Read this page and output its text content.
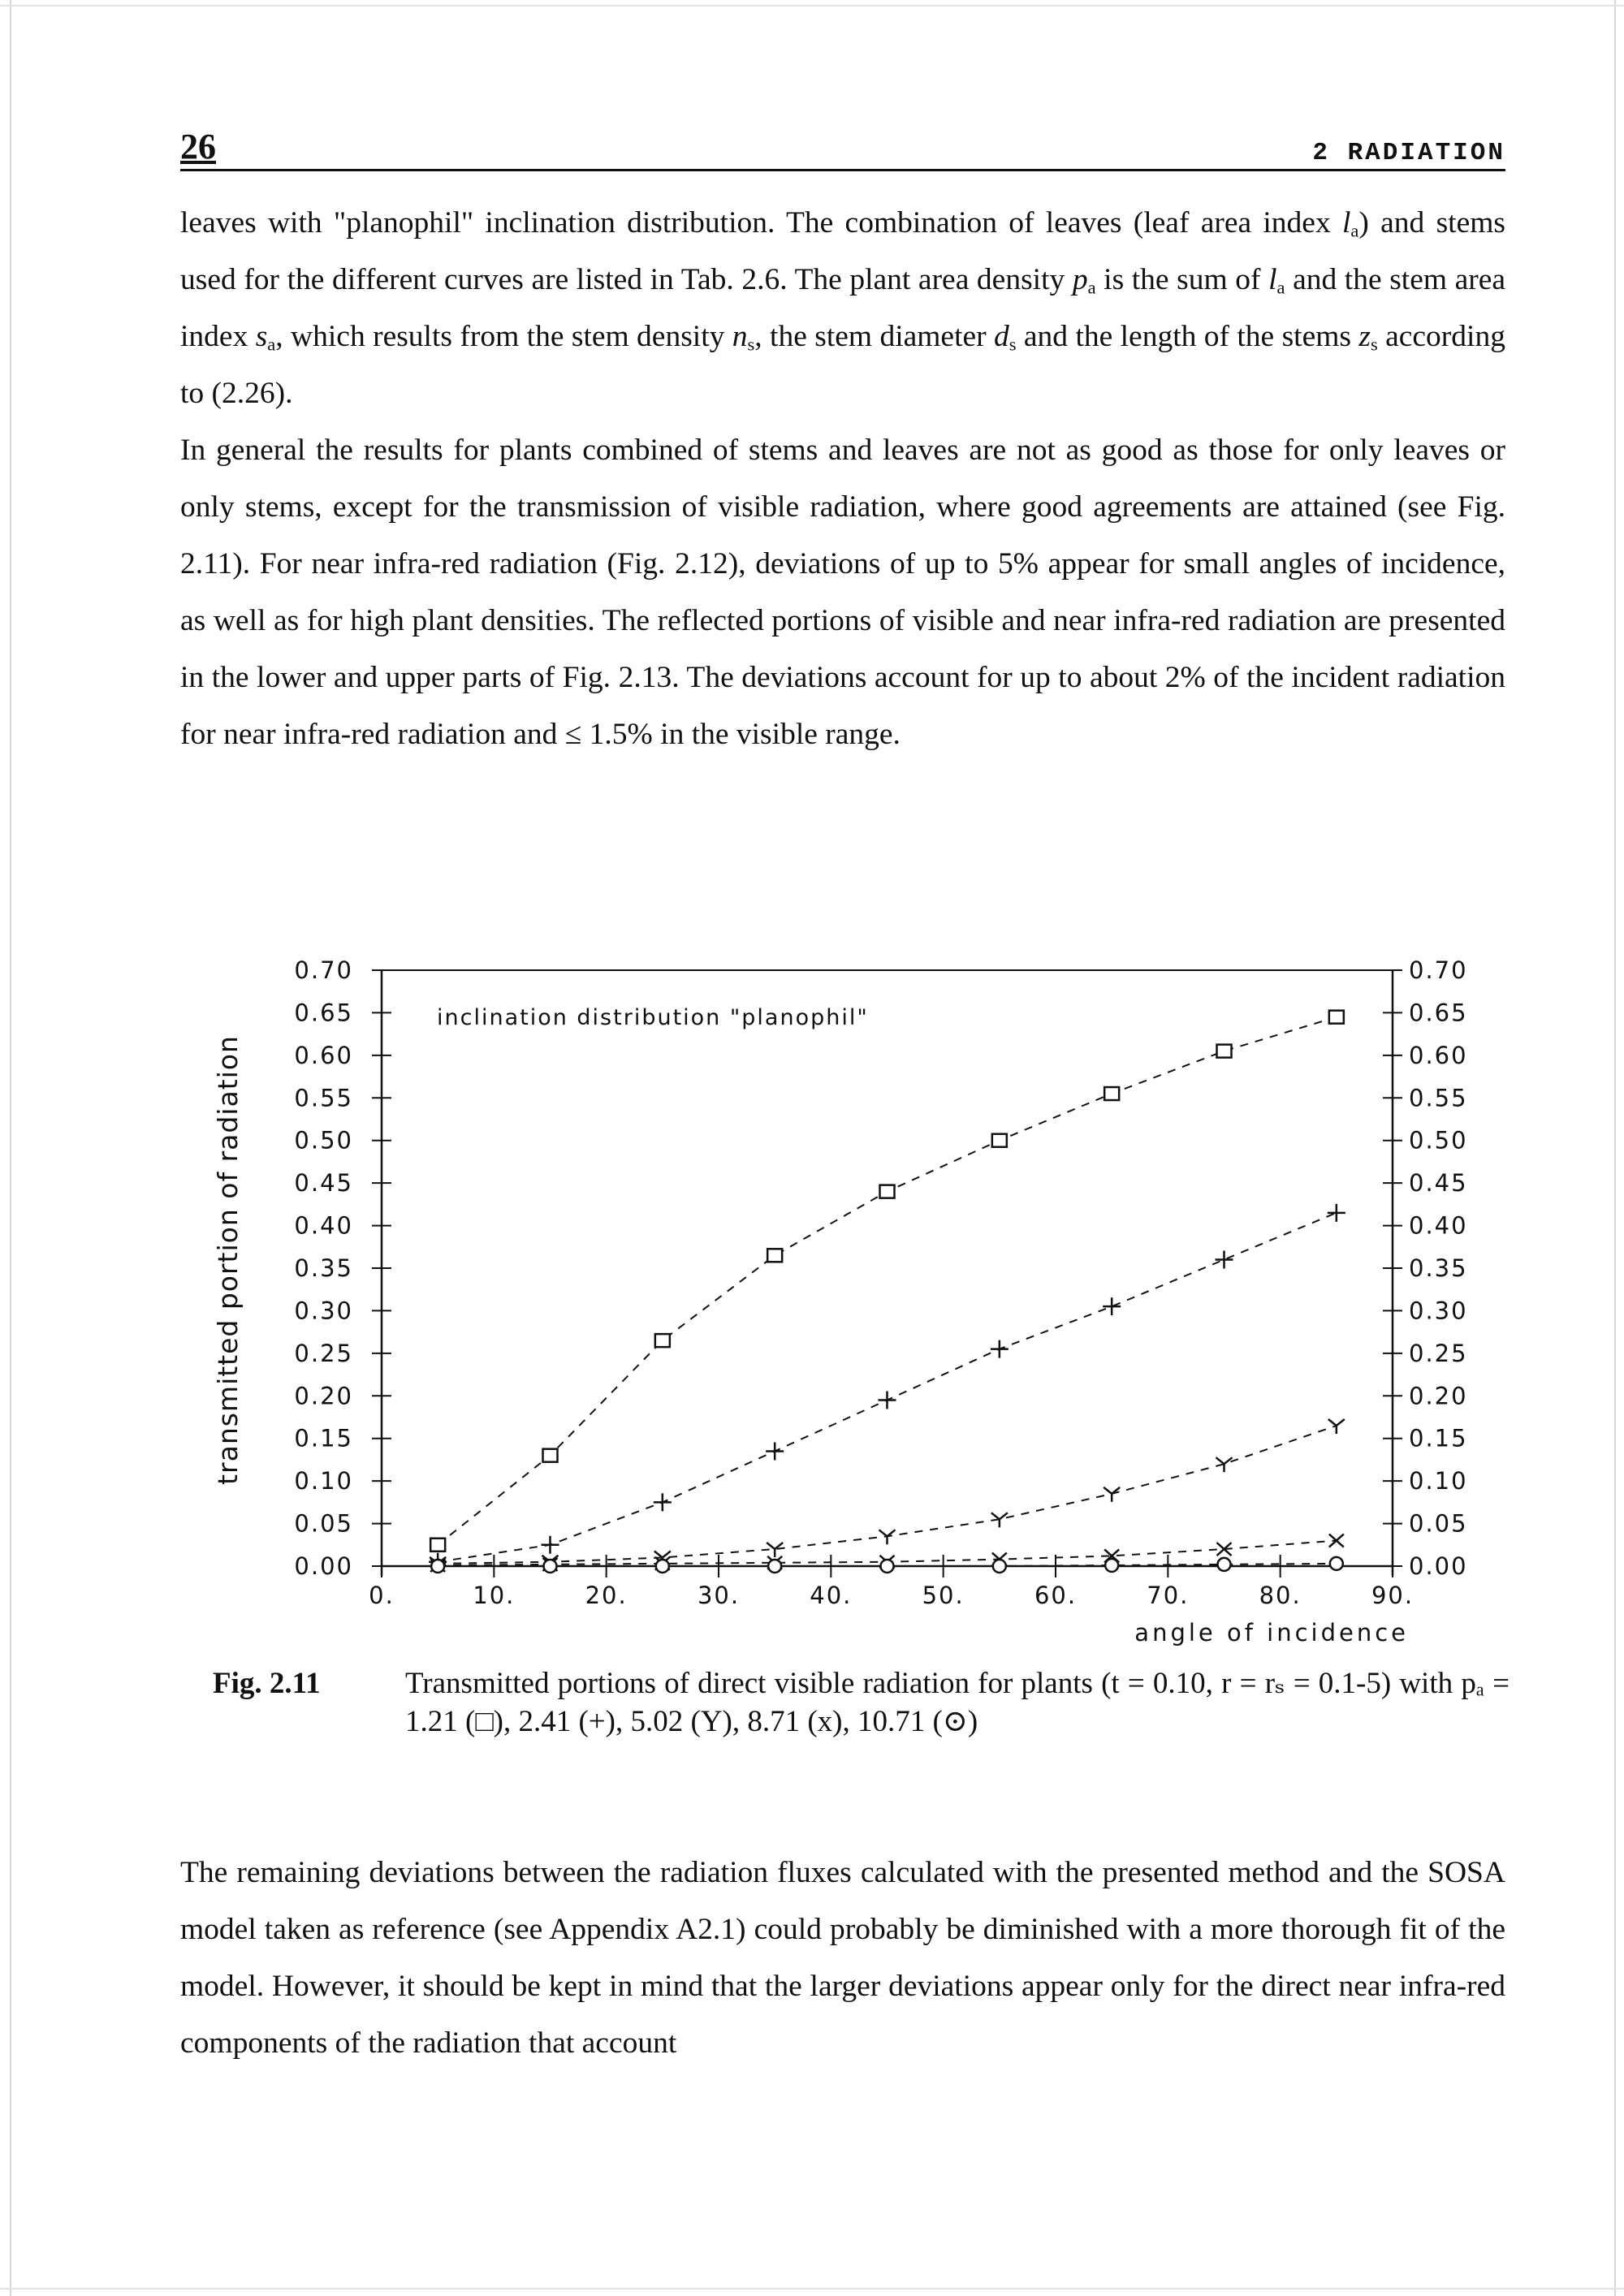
26	2 RADIATION

leaves with "planophil" inclination distribution. The combination of leaves (leaf area index $l_a$) and stems used for the different curves are listed in Tab. 2.6. The plant area density $p_a$ is the sum of $l_a$ and the stem area index $s_a$, which results from the stem density $n_s$, the stem diameter $d_s$ and the length of the stems $z_s$ according to (2.26).

In general the results for plants combined of stems and leaves are not as good as those for only leaves or only stems, except for the transmission of visible radiation, where good agreements are attained (see Fig. 2.11). For near infra-red radiation (Fig. 2.12), deviations of up to 5% appear for small angles of incidence, as well as for high plant densities. The reflected portions of visible and near infra-red radiation are presented in the lower and upper parts of Fig. 2.13. The deviations account for up to about 2% of the incident radiation for near infra-red radiation and ≤ 1.5% in the visible range.

0.00	0.00
0.05	0.05
0.10	0.10
0.15	0.15
0.20	0.20
0.25	0.25
0.30	0.30
0.35	0.35
0.40	0.40
0.45	0.45
0.50	0.50
0.55	0.55
0.60	0.60
0.65	0.65
0.70	0.70
0.	10.	20.	30.	40.	50.	60.	70.	80.	90.
angle of incidence
transmitted portion of radiation
inclination distribution "planophil"
Fig. 2.11	Transmitted portions of direct visible radiation for plants (t = 0.10, r = rₛ = 0.1-5) with pₐ = 1.21 (□), 2.41 (+), 5.02 (Y), 8.71 (x), 10.71 (⊙)

The remaining deviations between the radiation fluxes calculated with the presented method and the SOSA model taken as reference (see Appendix A2.1) could probably be diminished with a more thorough fit of the model. However, it should be kept in mind that the larger deviations appear only for the direct near infra-red components of the radiation that account
